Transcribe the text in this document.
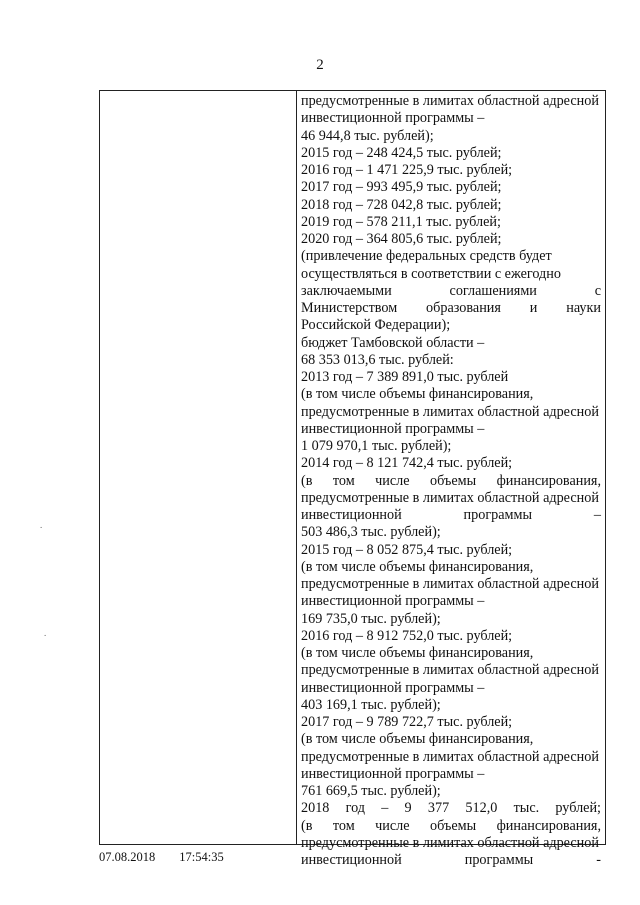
2
предусмотренные в лимитах областной адресной
инвестиционной программы –
46 944,8 тыс. рублей);
2015 год – 248 424,5 тыс. рублей;
2016 год – 1 471 225,9 тыс. рублей;
2017 год – 993 495,9 тыс. рублей;
2018 год – 728 042,8 тыс. рублей;
2019 год – 578 211,1 тыс. рублей;
2020 год – 364 805,6 тыс. рублей;
(привлечение федеральных средств будет
осуществляться в соответствии с ежегодно
заключаемыми соглашениями с
Министерством образования и науки
Российской Федерации);
бюджет Тамбовской области –
68 353 013,6 тыс. рублей:
2013 год – 7 389 891,0 тыс. рублей
(в том числе объемы финансирования,
предусмотренные в лимитах областной адресной
инвестиционной программы –
1 079 970,1 тыс. рублей);
2014 год – 8 121 742,4 тыс. рублей;
(в том числе объемы финансирования,
предусмотренные в лимитах областной адресной
инвестиционной программы –
503 486,3 тыс. рублей);
2015 год – 8 052 875,4 тыс. рублей;
(в том числе объемы финансирования,
предусмотренные в лимитах областной адресной
инвестиционной программы –
169 735,0 тыс. рублей);
2016 год – 8 912 752,0 тыс. рублей;
(в том числе объемы финансирования,
предусмотренные в лимитах областной адресной
инвестиционной программы –
403 169,1 тыс. рублей);
2017 год – 9 789 722,7 тыс. рублей;
(в том числе объемы финансирования,
предусмотренные в лимитах областной адресной
инвестиционной программы –
761 669,5 тыс. рублей);
2018 год – 9 377 512,0 тыс. рублей;
(в том числе объемы финансирования,
предусмотренные в лимитах областной адресной
инвестиционной программы -
.
.
07.08.2018 17:54:35
